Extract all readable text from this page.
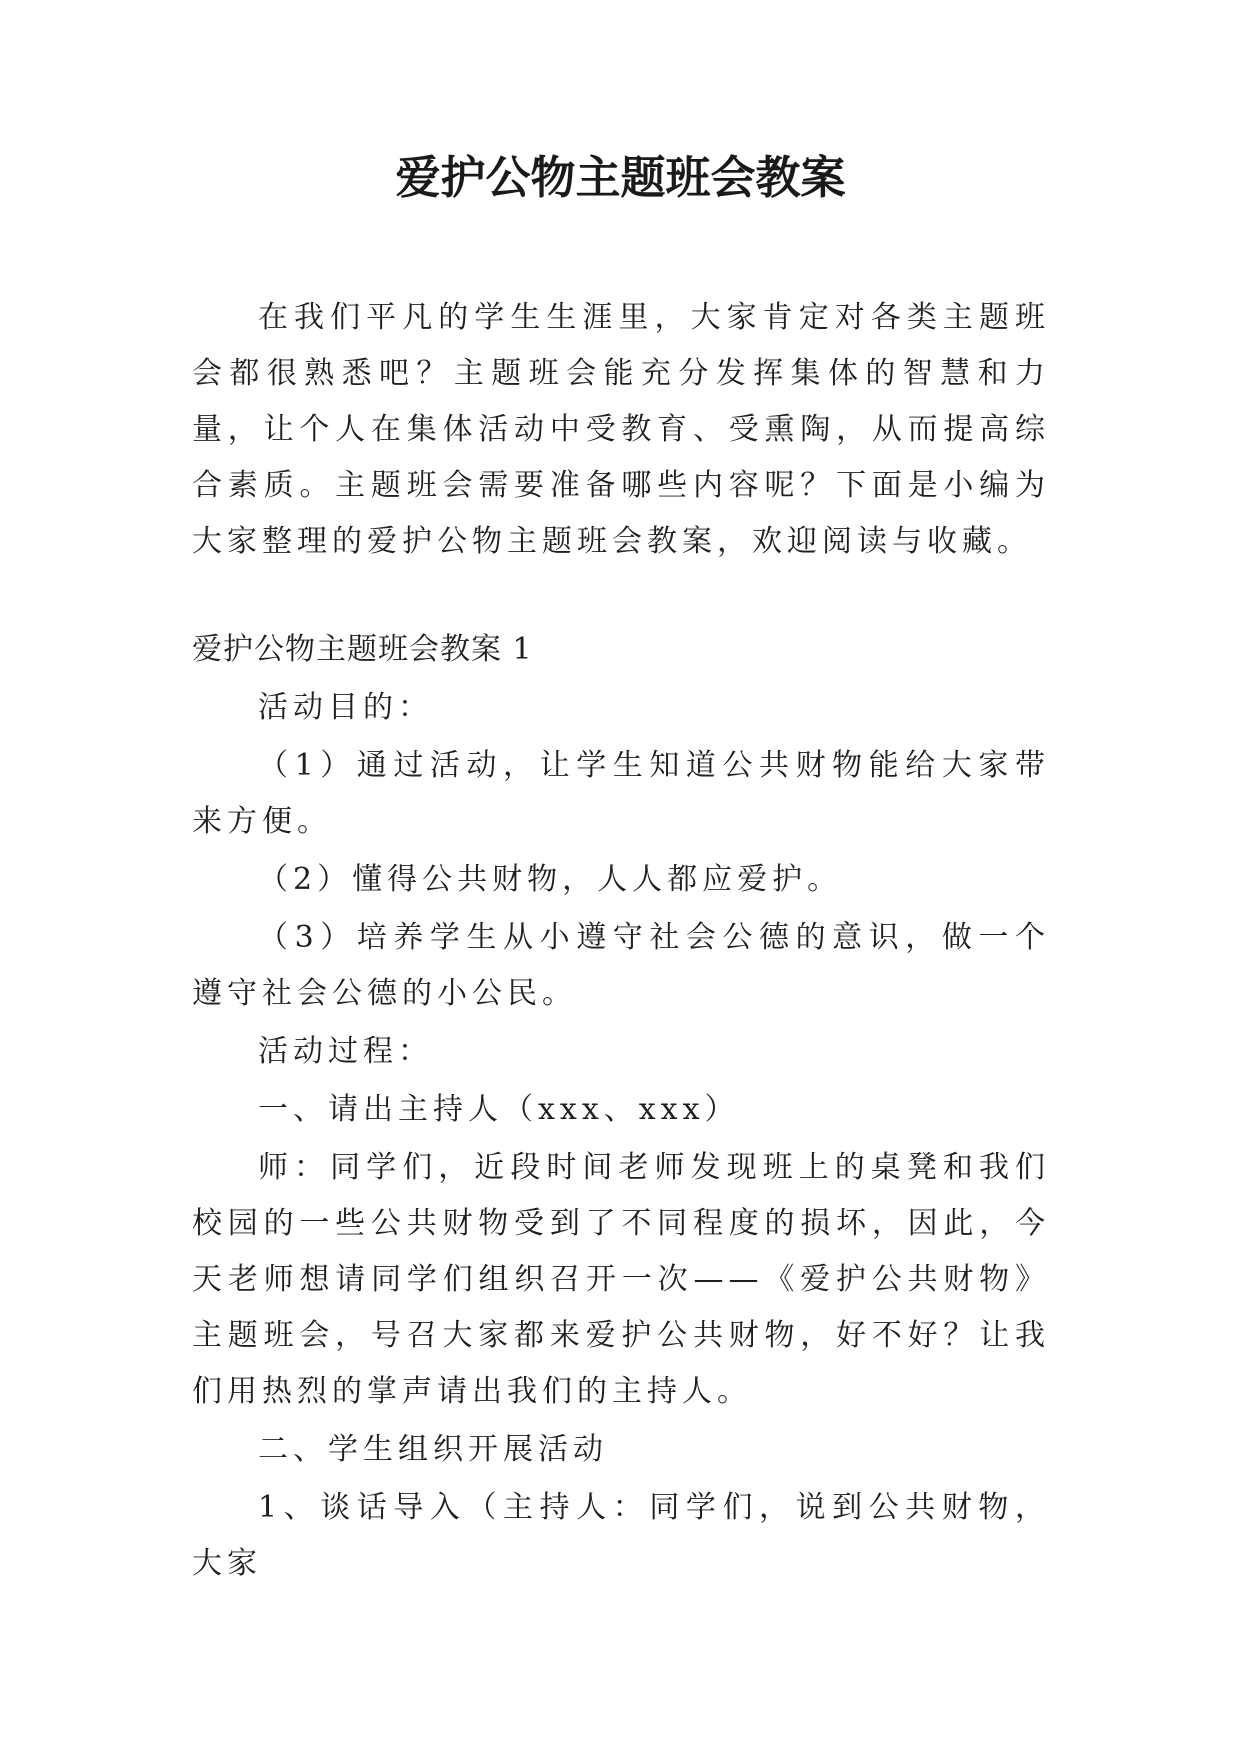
爱护公物主题班会教案

在我们平凡的学生生涯里，大家肯定对各类主题班会都很熟悉吧？主题班会能充分发挥集体的智慧和力量，让个人在集体活动中受教育、受熏陶，从而提高综合素质。主题班会需要准备哪些内容呢？下面是小编为大家整理的爱护公物主题班会教案，欢迎阅读与收藏。

爱护公物主题班会教案 1

活动目的：

（1）通过活动，让学生知道公共财物能给大家带来方便。

（2）懂得公共财物，人人都应爱护。

（3）培养学生从小遵守社会公德的意识，做一个遵守社会公德的小公民。

活动过程：

一、请出主持人（xxx、xxx）

师：同学们，近段时间老师发现班上的桌凳和我们校园的一些公共财物受到了不同程度的损坏，因此，今天老师想请同学们组织召开一次——《爱护公共财物》主题班会，号召大家都来爱护公共财物，好不好？让我们用热烈的掌声请出我们的主持人。

二、学生组织开展活动

1、谈话导入（主持人：同学们，说到公共财物，大家
